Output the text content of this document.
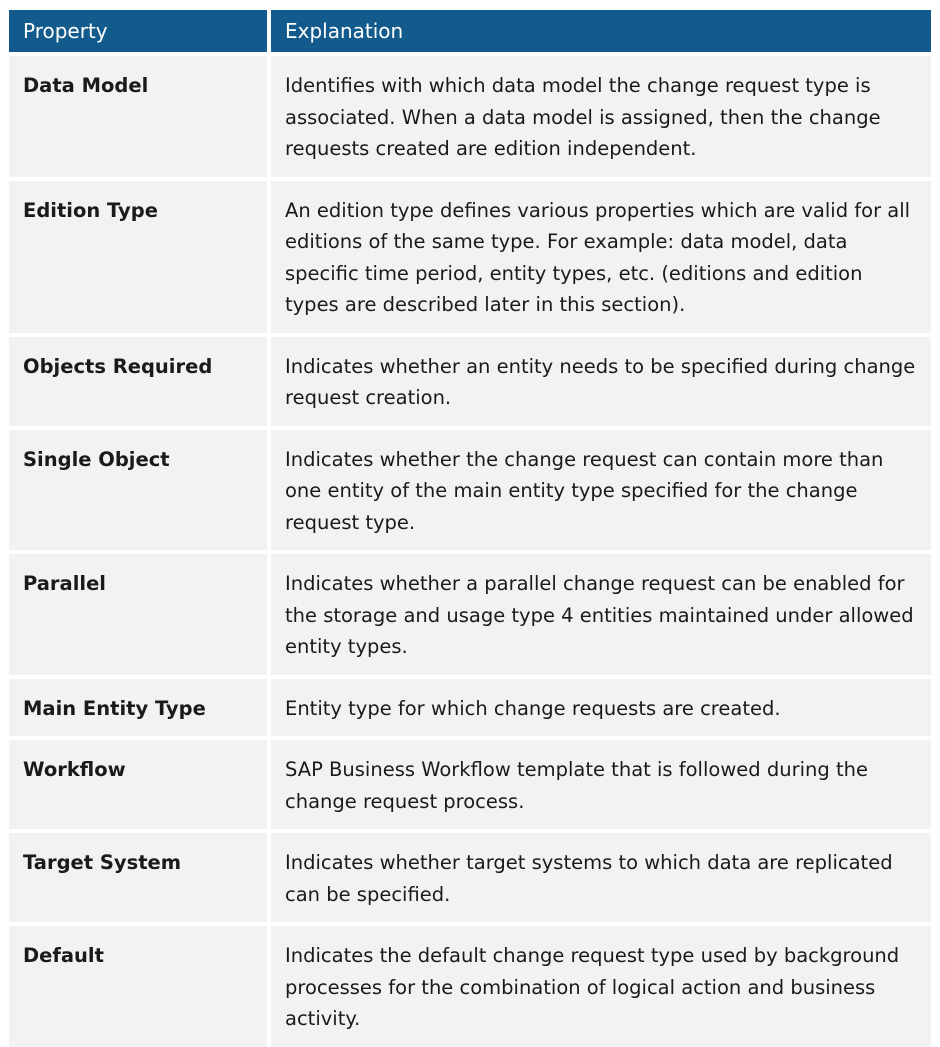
Property	Explanation
Data Model	Identifies with which data model the change request type is associated. When a data model is assigned, then the change requests created are edition independent.
Edition Type	An edition type defines various properties which are valid for all editions of the same type. For example: data model, data specific time period, entity types, etc. (editions and edition types are described later in this section).
Objects Required	Indicates whether an entity needs to be specified during change request creation.
Single Object	Indicates whether the change request can contain more than one entity of the main entity type specified for the change request type.
Parallel	Indicates whether a parallel change request can be enabled for the storage and usage type 4 entities maintained under allowed entity types.
Main Entity Type	Entity type for which change requests are created.
Workflow	SAP Business Workflow template that is followed during the change request process.
Target System	Indicates whether target systems to which data are replicated can be specified.
Default	Indicates the default change request type used by background processes for the combination of logical action and business activity.
